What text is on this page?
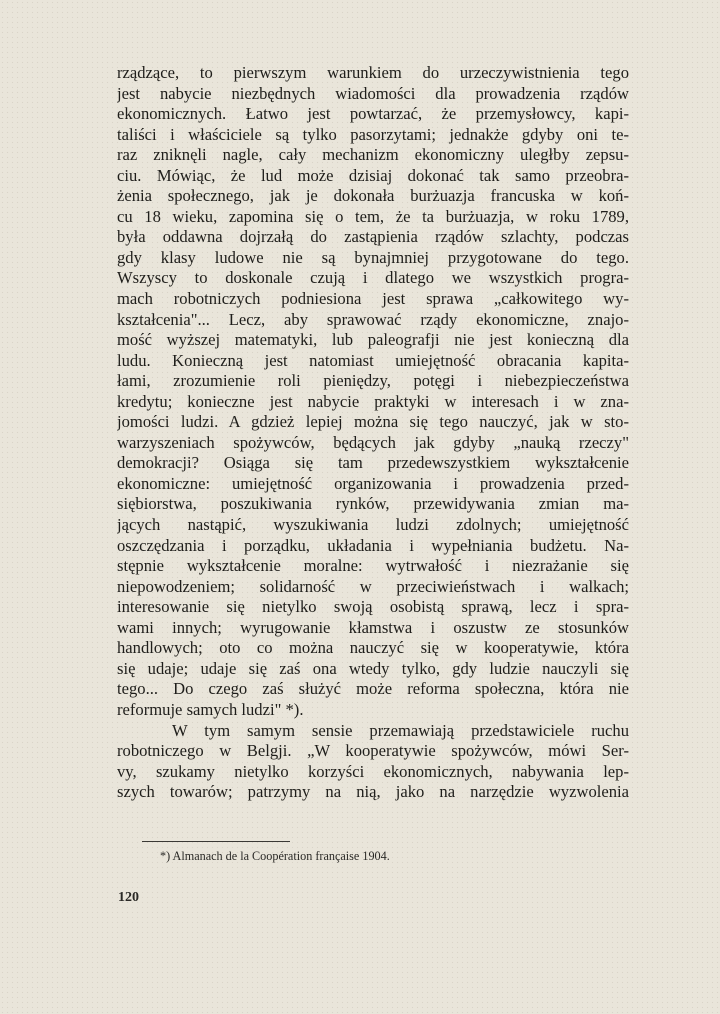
rządzące, to pierwszym warunkiem do urzeczywistnienia tego
jest nabycie niezbędnych wiadomości dla prowadzenia rządów
ekonomicznych. Łatwo jest powtarzać, że przemysłowcy, kapi-
taliści i właściciele są tylko pasorzytami; jednakże gdyby oni te-
raz zniknęli nagle, cały mechanizm ekonomiczny uległby zepsu-
ciu. Mówiąc, że lud może dzisiaj dokonać tak samo przeobra-
żenia społecznego, jak je dokonała burżuazja francuska w koń-
cu 18 wieku, zapomina się o tem, że ta burżuazja, w roku 1789,
była oddawna dojrzałą do zastąpienia rządów szlachty, podczas
gdy klasy ludowe nie są bynajmniej przygotowane do tego.
Wszyscy to doskonale czują i dlatego we wszystkich progra-
mach robotniczych podniesiona jest sprawa „całkowitego wy-
kształcenia"... Lecz, aby sprawować rządy ekonomiczne, znajo-
mość wyższej matematyki, lub paleografji nie jest konieczną dla
ludu. Konieczną jest natomiast umiejętność obracania kapita-
łami, zrozumienie roli pieniędzy, potęgi i niebezpieczeństwa
kredytu; konieczne jest nabycie praktyki w interesach i w zna-
jomości ludzi. A gdzież lepiej można się tego nauczyć, jak w sto-
warzyszeniach spożywców, będących jak gdyby „nauką rzeczy"
demokracji? Osiąga się tam przedewszystkiem wykształcenie
ekonomiczne: umiejętność organizowania i prowadzenia przed-
siębiorstwa, poszukiwania rynków, przewidywania zmian ma-
jących nastąpić, wyszukiwania ludzi zdolnych; umiejętność
oszczędzania i porządku, układania i wypełniania budżetu. Na-
stępnie wykształcenie moralne: wytrwałość i niezrażanie się
niepowodzeniem; solidarność w przeciwieństwach i walkach;
interesowanie się nietylko swoją osobistą sprawą, lecz i spra-
wami innych; wyrugowanie kłamstwa i oszustw ze stosunków
handlowych; oto co można nauczyć się w kooperatywie, która
się udaje; udaje się zaś ona wtedy tylko, gdy ludzie nauczyli się
tego... Do czego zaś służyć może reforma społeczna, która nie
reformuje samych ludzi" *).
W tym samym sensie przemawiają przedstawiciele ruchu
robotniczego w Belgji. „W kooperatywie spożywców, mówi Ser-
vy, szukamy nietylko korzyści ekonomicznych, nabywania lep-
szych towarów; patrzymy na nią, jako na narzędzie wyzwolenia
*) Almanach de la Coopération française 1904.
120
